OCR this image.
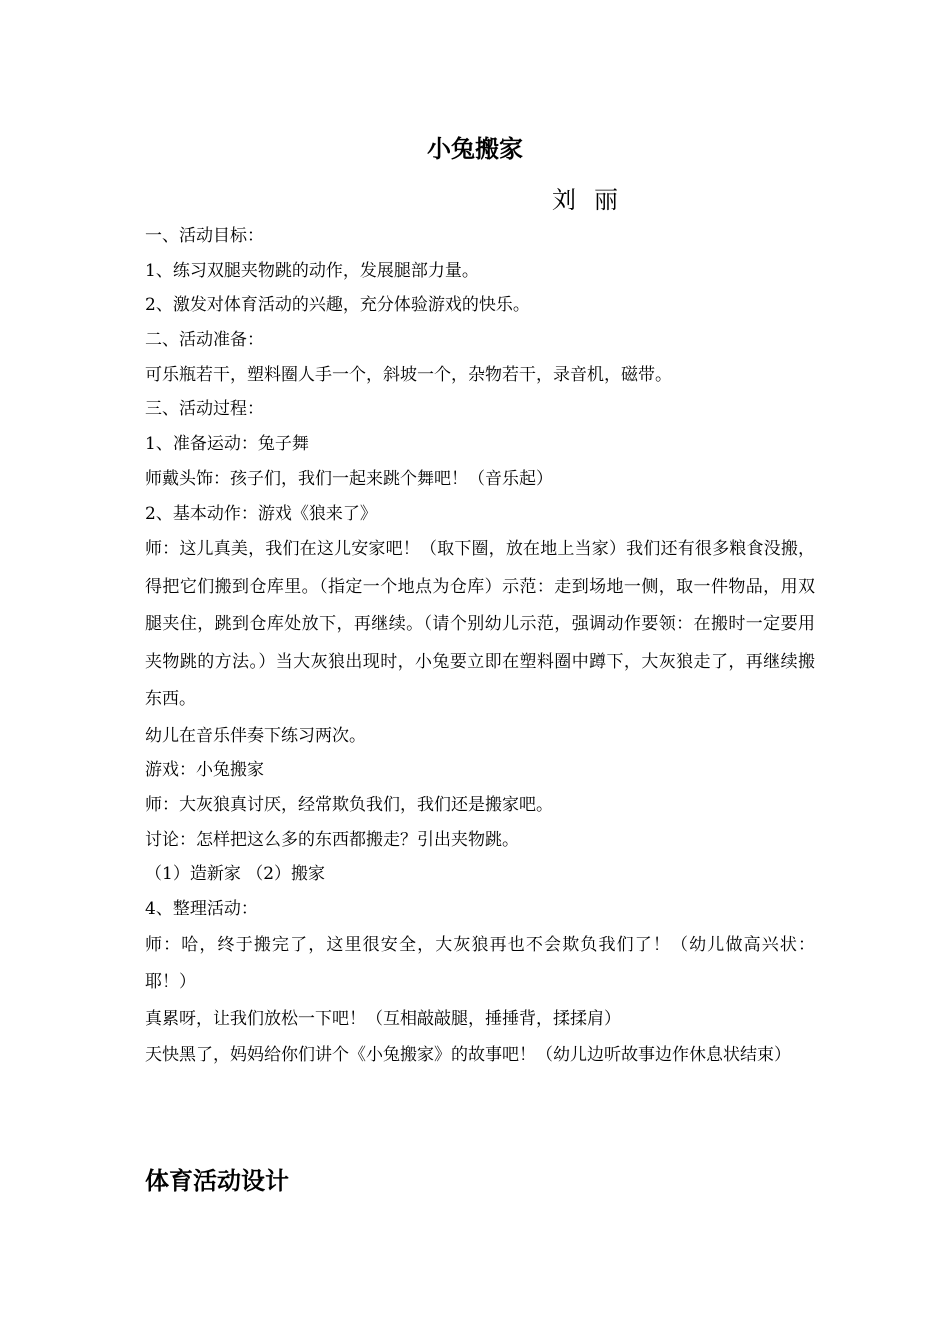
小兔搬家
刘丽
一、活动目标：
1、练习双腿夹物跳的动作，发展腿部力量。
2、激发对体育活动的兴趣，充分体验游戏的快乐。
二、活动准备：
可乐瓶若干，塑料圈人手一个，斜坡一个，杂物若干，录音机，磁带。
三、活动过程：
1、准备运动：兔子舞
师戴头饰：孩子们，我们一起来跳个舞吧！（音乐起）
2、基本动作：游戏《狼来了》
师：这儿真美，我们在这儿安家吧！（取下圈，放在地上当家）我们还有很多粮食没搬，得把它们搬到仓库里。（指定一个地点为仓库）示范：走到场地一侧，取一件物品，用双腿夹住，跳到仓库处放下，再继续。（请个别幼儿示范，强调动作要领：在搬时一定要用夹物跳的方法。）当大灰狼出现时，小兔要立即在塑料圈中蹲下，大灰狼走了，再继续搬东西。
幼儿在音乐伴奏下练习两次。
游戏：小兔搬家
师：大灰狼真讨厌，经常欺负我们，我们还是搬家吧。
讨论：怎样把这么多的东西都搬走？引出夹物跳。
（1）造新家 （2）搬家
4、整理活动：
师：哈，终于搬完了，这里很安全，大灰狼再也不会欺负我们了！（幼儿做高兴状：耶！）
真累呀，让我们放松一下吧！（互相敲敲腿，捶捶背，揉揉肩）
天快黑了，妈妈给你们讲个《小兔搬家》的故事吧！（幼儿边听故事边作休息状结束）
体育活动设计
